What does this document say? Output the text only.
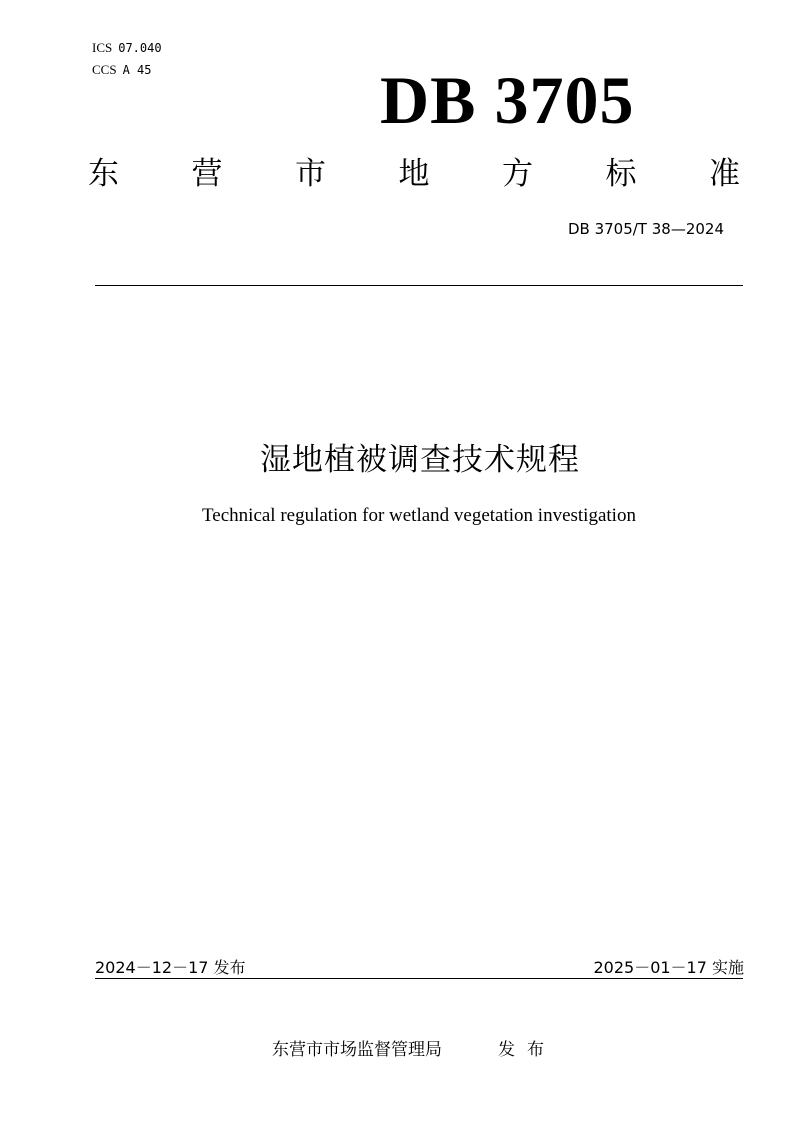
ICS 07.040
CCS A 45	DB 3705
东 营 市 地 方 标 准
DB 3705/T 38—2024
湿地植被调查技术规程
Technical regulation for wetland vegetation investigation
2024－12－17 发布	2025－01－17 实施
东营市市场监督管理局	发布
